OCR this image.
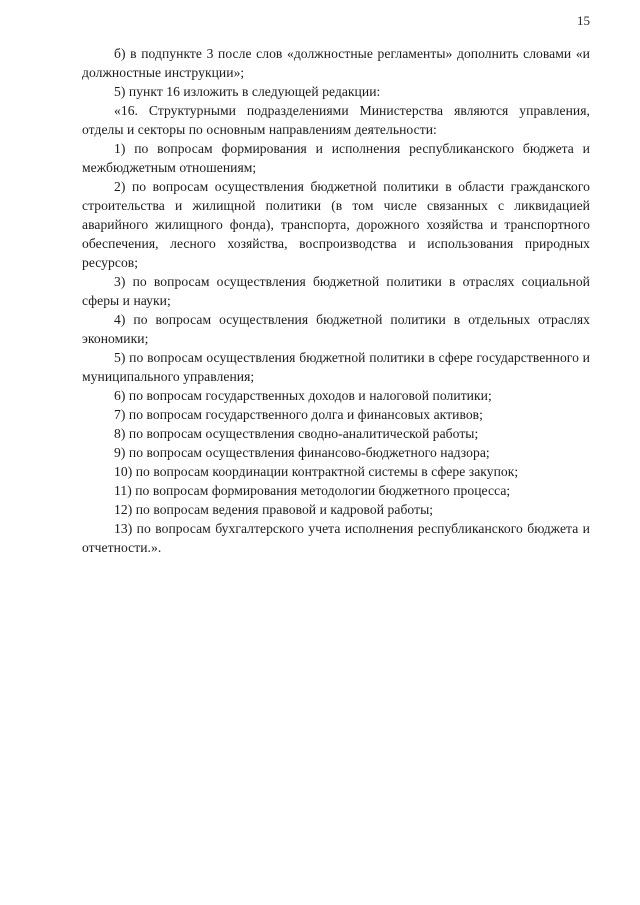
15

б) в подпункте 3 после слов «должностные регламенты» дополнить словами «и должностные инструкции»;

5) пункт 16 изложить в следующей редакции:

«16. Структурными подразделениями Министерства являются управления, отделы и секторы по основным направлениям деятельности:

1) по вопросам формирования и исполнения республиканского бюджета и межбюджетным отношениям;

2) по вопросам осуществления бюджетной политики в области гражданского строительства и жилищной политики (в том числе связанных с ликвидацией аварийного жилищного фонда), транспорта, дорожного хозяйства и транспортного обеспечения, лесного хозяйства, воспроизводства и использования природных ресурсов;

3) по вопросам осуществления бюджетной политики в отраслях социальной сферы и науки;

4) по вопросам осуществления бюджетной политики в отдельных отраслях экономики;

5) по вопросам осуществления бюджетной политики в сфере государственного и муниципального управления;

6) по вопросам государственных доходов и налоговой политики;

7) по вопросам государственного долга и финансовых активов;

8) по вопросам осуществления сводно-аналитической работы;

9) по вопросам осуществления финансово-бюджетного надзора;

10) по вопросам координации контрактной системы в сфере закупок;

11) по вопросам формирования методологии бюджетного процесса;

12) по вопросам ведения правовой и кадровой работы;

13) по вопросам бухгалтерского учета исполнения республиканского бюджета и отчетности.».
